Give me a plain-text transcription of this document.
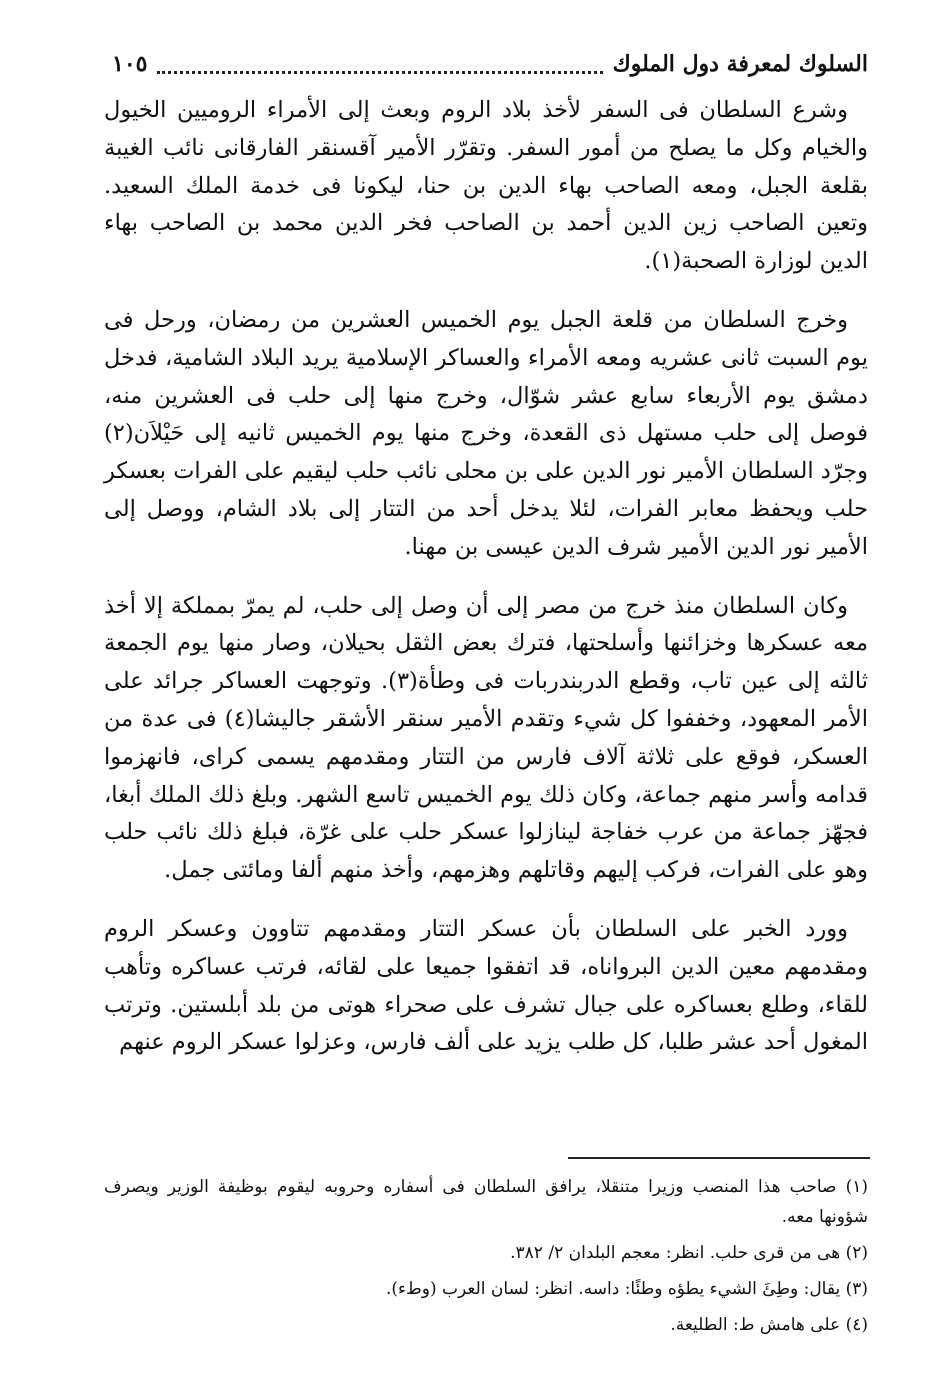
السلوك لمعرفة دول الملوك
١٠٥

وشرع السلطان فى السفر لأخذ بلاد الروم وبعث إلى الأمراء الروميين الخيول والخيام وكل ما يصلح من أمور السفر. وتقرّر الأمير آقسنقر الفارقانى نائب الغيبة بقلعة الجبل، ومعه الصاحب بهاء الدين بن حنا، ليكونا فى خدمة الملك السعيد. وتعين الصاحب زين الدين أحمد بن الصاحب فخر الدين محمد بن الصاحب بهاء الدين لوزارة الصحبة(١).

وخرج السلطان من قلعة الجبل يوم الخميس العشرين من رمضان، ورحل فى يوم السبت ثانى عشريه ومعه الأمراء والعساكر الإسلامية يريد البلاد الشامية، فدخل دمشق يوم الأربعاء سابع عشر شوّال، وخرج منها إلى حلب فى العشرين منه، فوصل إلى حلب مستهل ذى القعدة، وخرج منها يوم الخميس ثانيه إلى حَيْلاَن(٢) وجرّد السلطان الأمير نور الدين على بن محلى نائب حلب ليقيم على الفرات بعسكر حلب ويحفظ معابر الفرات، لئلا يدخل أحد من التتار إلى بلاد الشام، ووصل إلى الأمير نور الدين الأمير شرف الدين عيسى بن مهنا.

وكان السلطان منذ خرج من مصر إلى أن وصل إلى حلب، لم يمرّ بمملكة إلا أخذ معه عسكرها وخزائنها وأسلحتها، فترك بعض الثقل بحيلان، وصار منها يوم الجمعة ثالثه إلى عين تاب، وقطع الدربندربات فى وطأة(٣). وتوجهت العساكر جرائد على الأمر المعهود، وخففوا كل شيء وتقدم الأمير سنقر الأشقر جاليشا(٤) فى عدة من العسكر، فوقع على ثلاثة آلاف فارس من التتار ومقدمهم يسمى كراى، فانهزموا قدامه وأسر منهم جماعة، وكان ذلك يوم الخميس تاسع الشهر. وبلغ ذلك الملك أبغا، فجهّز جماعة من عرب خفاجة لينازلوا عسكر حلب على غرّة، فبلغ ذلك نائب حلب وهو على الفرات، فركب إليهم وقاتلهم وهزمهم، وأخذ منهم ألفا ومائتى جمل.

وورد الخبر على السلطان بأن عسكر التتار ومقدمهم تتاوون وعسكر الروم ومقدمهم معين الدين البرواناه، قد اتفقوا جميعا على لقائه، فرتب عساكره وتأهب للقاء، وطلع بعساكره على جبال تشرف على صحراء هوتى من بلد أبلستين. وترتب المغول أحد عشر طلبا، كل طلب يزيد على ألف فارس، وعزلوا عسكر الروم عنهم

(١) صاحب هذا المنصب وزيرا متنقلا، يرافق السلطان فى أسفاره وحروبه ليقوم بوظيفة الوزير ويصرف شؤونها معه.

(٢) هى من قرى حلب. انظر: معجم البلدان ٢/ ٣٨٢.

(٣) يقال: وطِئَ الشيء يطؤه وطئًا: داسه. انظر: لسان العرب (وطء).

(٤) على هامش ط: الطليعة.
